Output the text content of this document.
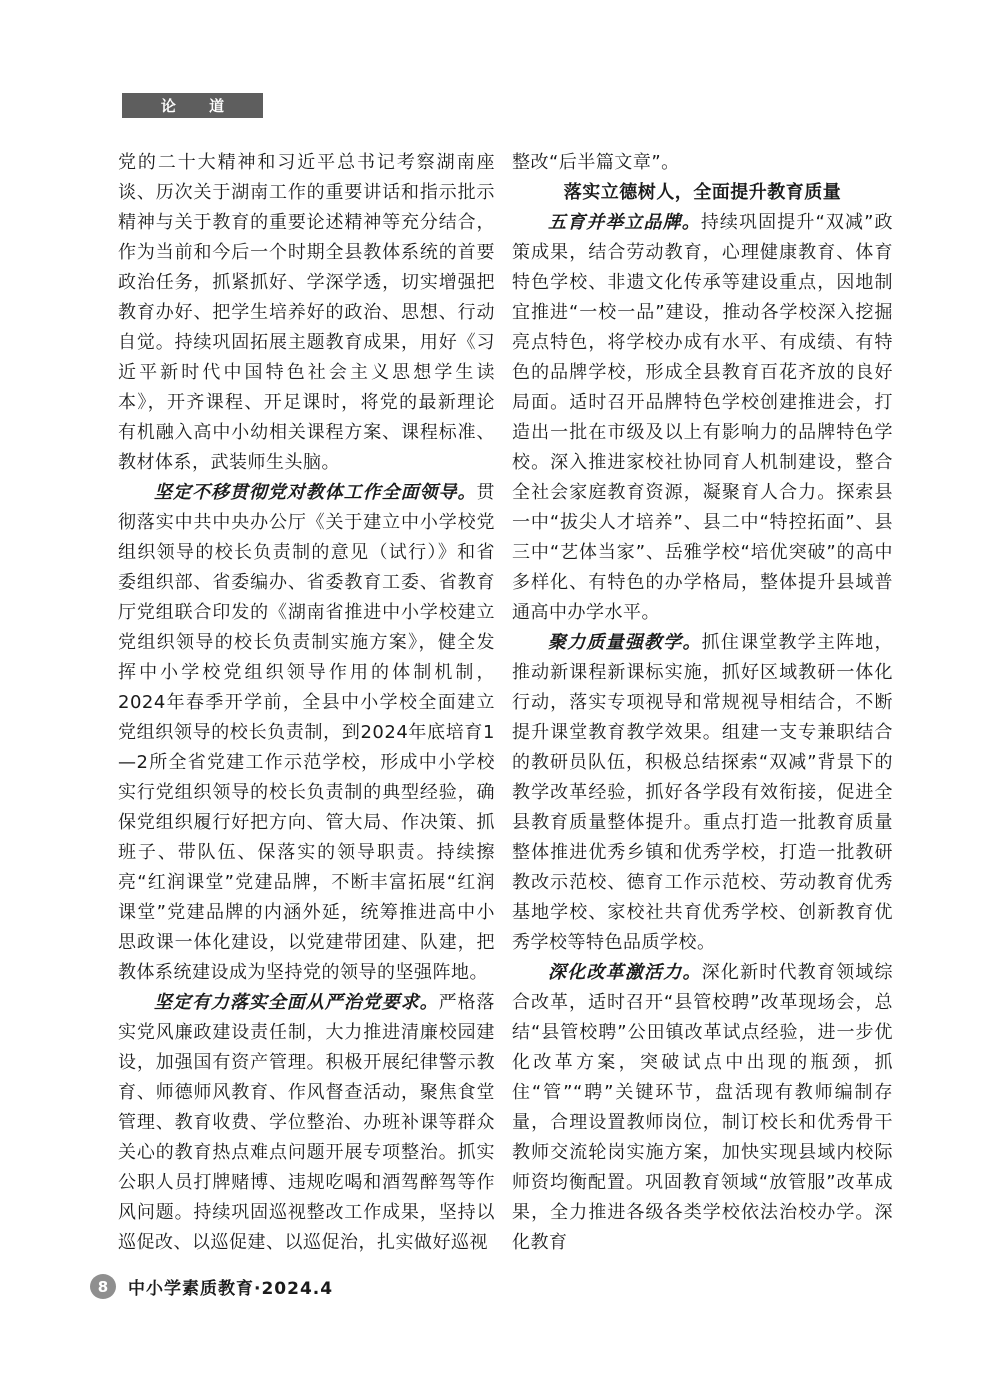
论 道

党的二十大精神和习近平总书记考察湖南座谈、历次关于湖南工作的重要讲话和指示批示精神与关于教育的重要论述精神等充分结合，作为当前和今后一个时期全县教体系统的首要政治任务，抓紧抓好、学深学透，切实增强把教育办好、把学生培养好的政治、思想、行动自觉。持续巩固拓展主题教育成果，用好《习近平新时代中国特色社会主义思想学生读本》，开齐课程、开足课时，将党的最新理论有机融入高中小幼相关课程方案、课程标准、教材体系，武装师生头脑。

坚定不移贯彻党对教体工作全面领导。贯彻落实中共中央办公厅《关于建立中小学校党组织领导的校长负责制的意见（试行）》和省委组织部、省委编办、省委教育工委、省教育厅党组联合印发的《湖南省推进中小学校建立党组织领导的校长负责制实施方案》，健全发挥中小学校党组织领导作用的体制机制，2024年春季开学前，全县中小学校全面建立党组织领导的校长负责制，到2024年底培育1—2所全省党建工作示范学校，形成中小学校实行党组织领导的校长负责制的典型经验，确保党组织履行好把方向、管大局、作决策、抓班子、带队伍、保落实的领导职责。持续擦亮“红润课堂”党建品牌，不断丰富拓展“红润课堂”党建品牌的内涵外延，统筹推进高中小思政课一体化建设，以党建带团建、队建，把教体系统建设成为坚持党的领导的坚强阵地。

坚定有力落实全面从严治党要求。严格落实党风廉政建设责任制，大力推进清廉校园建设，加强国有资产管理。积极开展纪律警示教育、师德师风教育、作风督查活动，聚焦食堂管理、教育收费、学位整治、办班补课等群众关心的教育热点难点问题开展专项整治。抓实公职人员打牌赌博、违规吃喝和酒驾醉驾等作风问题。持续巩固巡视整改工作成果，坚持以巡促改、以巡促建、以巡促治，扎实做好巡视

整改“后半篇文章”。

落实立德树人，全面提升教育质量

五育并举立品牌。持续巩固提升“双减”政策成果，结合劳动教育，心理健康教育、体育特色学校、非遗文化传承等建设重点，因地制宜推进“一校一品”建设，推动各学校深入挖掘亮点特色，将学校办成有水平、有成绩、有特色的品牌学校，形成全县教育百花齐放的良好局面。适时召开品牌特色学校创建推进会，打造出一批在市级及以上有影响力的品牌特色学校。深入推进家校社协同育人机制建设，整合全社会家庭教育资源，凝聚育人合力。探索县一中“拔尖人才培养”、县二中“特控拓面”、县三中“艺体当家”、岳雅学校“培优突破”的高中多样化、有特色的办学格局，整体提升县域普通高中办学水平。

聚力质量强教学。抓住课堂教学主阵地，推动新课程新课标实施，抓好区域教研一体化行动，落实专项视导和常规视导相结合，不断提升课堂教育教学效果。组建一支专兼职结合的教研员队伍，积极总结探索“双减”背景下的教学改革经验，抓好各学段有效衔接，促进全县教育质量整体提升。重点打造一批教育质量整体推进优秀乡镇和优秀学校，打造一批教研教改示范校、德育工作示范校、劳动教育优秀基地学校、家校社共育优秀学校、创新教育优秀学校等特色品质学校。

深化改革激活力。深化新时代教育领域综合改革，适时召开“县管校聘”改革现场会，总结“县管校聘”公田镇改革试点经验，进一步优化改革方案，突破试点中出现的瓶颈，抓住“管”“聘”关键环节，盘活现有教师编制存量，合理设置教师岗位，制订校长和优秀骨干教师交流轮岗实施方案，加快实现县域内校际师资均衡配置。巩固教育领域“放管服”改革成果，全力推进各级各类学校依法治校办学。深化教育

8	中小学素质教育·2024.4
